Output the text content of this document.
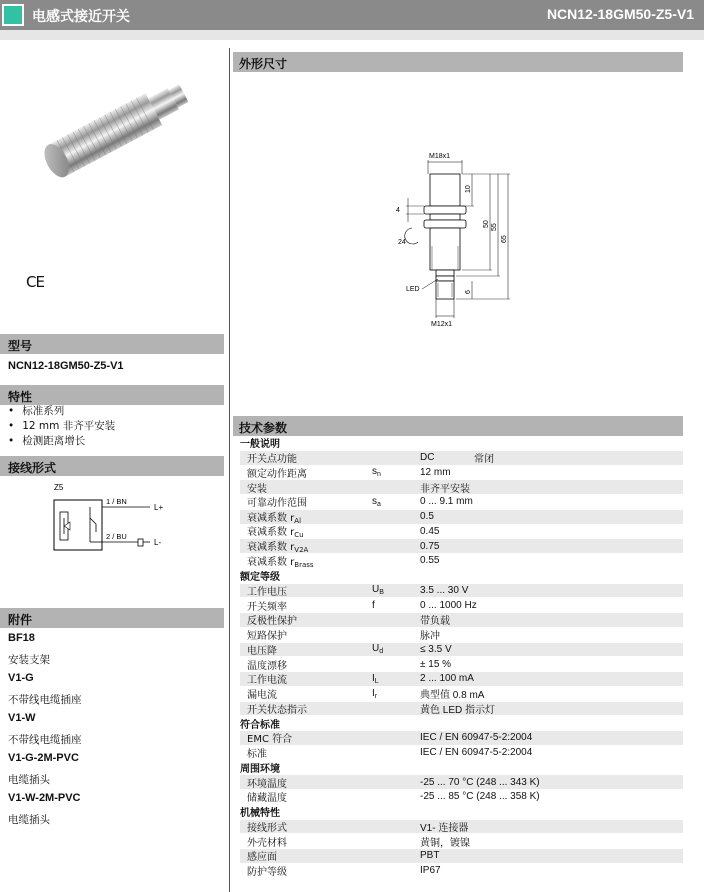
电感式接近开关	NCN12-18GM50-Z5-V1
CE
型号
NCN12-18GM50-Z5-V1
特性
• 标准系列
• 12 mm 非齐平安装
• 检测距离增长
接线形式
Z5
1 / BN
2 / BU
L+
L-
附件
BF18
安装支架
V1-G
不带线电缆插座
V1-W
不带线电缆插座
V1-G-2M-PVC
电缆插头
V1-W-2M-PVC
电缆插头
外形尺寸
M18x1
M12x1
10
50 55
65
6
4
24
LED
技术参数
一般说明
开关点功能	DC	常闭
额定动作距离	$s_n$	12 mm
安装	非齐平安装
可靠动作范围	$s_a$	0 ... 9.1 mm
衰减系数 $r_{Al}$	0.5
衰减系数 $r_{Cu}$	0.45
衰减系数 $r_{V2A}$	0.75
衰减系数 $r_{Brass}$	0.55
额定等级
工作电压	$U_B$	3.5 ... 30 V
开关频率	f	0 ... 1000 Hz
反极性保护	带负载
短路保护	脉冲
电压降	$U_d$	≤ 3.5 V
温度漂移	± 15 %
工作电流	$I_L$	2 ... 100 mA
漏电流	$I_r$	典型值 0.8 mA
开关状态指示	黄色 LED 指示灯
符合标准
EMC 符合	IEC / EN 60947-5-2:2004
标准	IEC / EN 60947-5-2:2004
周围环境
环境温度	-25 ... 70 °C (248 ... 343 K)
储藏温度	-25 ... 85 °C (248 ... 358 K)
机械特性
接线形式	V1- 连接器
外壳材料	黄铜，镀镍
感应面	PBT
防护等级	IP67
